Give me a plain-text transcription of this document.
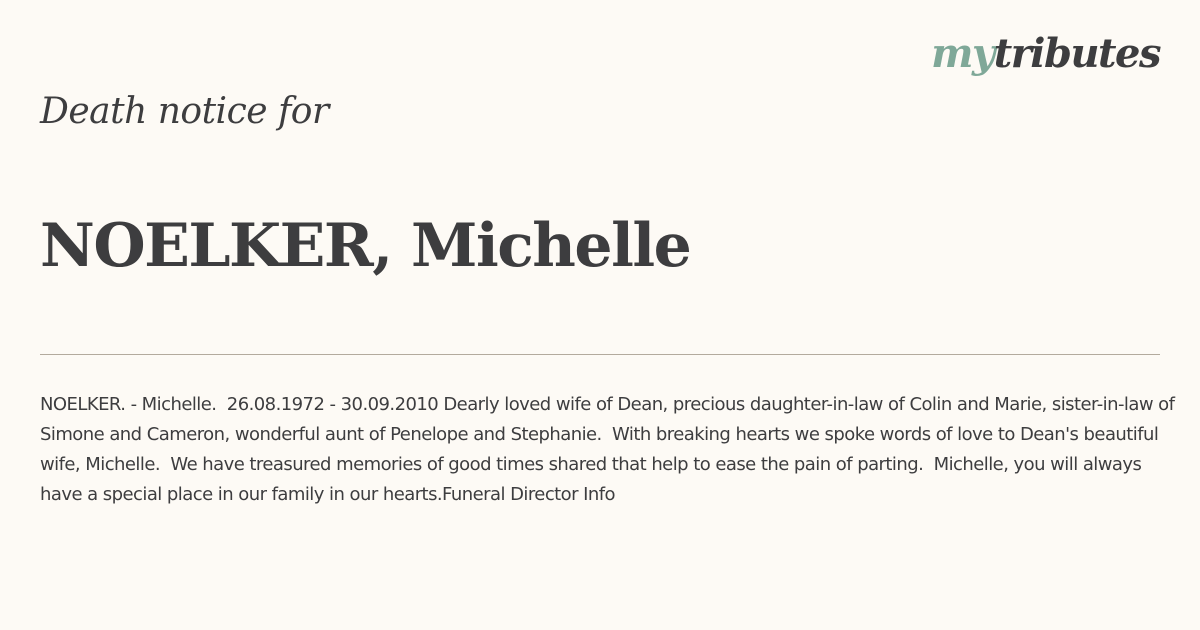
mytributes
Death notice for
NOELKER, Michelle

NOELKER. - Michelle.  26.08.1972 - 30.09.2010 Dearly loved wife of Dean, precious daughter-in-law of Colin and Marie, sister-in-law of Simone and Cameron, wonderful aunt of Penelope and Stephanie.  With breaking hearts we spoke words of love to Dean's beautiful wife, Michelle.  We have treasured memories of good times shared that help to ease the pain of parting.  Michelle, you will always have a special place in our family in our hearts.Funeral Director Info
